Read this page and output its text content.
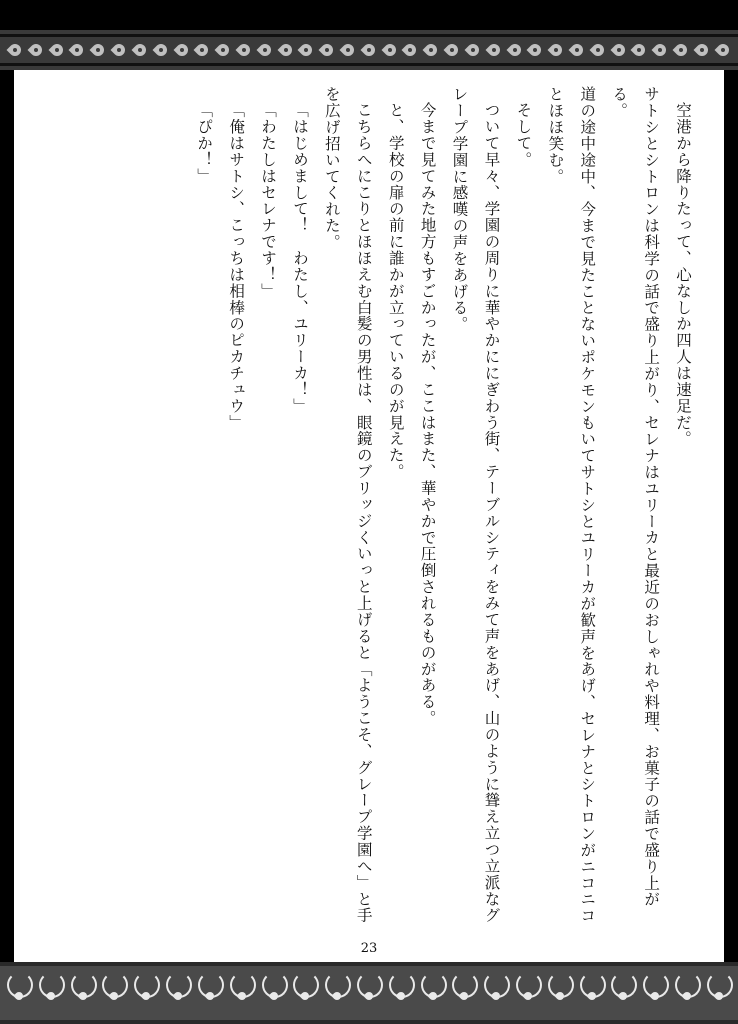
空港から降りたって、心なしか四人は速足だ。

サトシとシトロンは科学の話で盛り上がり、セレナはユリーカと最近のおしゃれや料理、お菓子の話で盛り上がる。

道の途中途中、今まで見たことないポケモンもいてサトシとユリーカが歓声をあげ、セレナとシトロンがニコニコとほほ笑む。

そして。

ついて早々、学園の周りに華やかににぎわう街、テーブルシティをみて声をあげ、山のように聳え立つ立派なグレープ学園に感嘆の声をあげる。

今まで見てみた地方もすごかったが、ここはまた、華やかで圧倒されるものがある。

と、学校の扉の前に誰かが立っているのが見えた。

こちらへにこりとほほえむ白髪の男性は、眼鏡のブリッジくいっと上げると「ようこそ、グレープ学園へ」と手を広げ招いてくれた。

「はじめまして！　わたし、ユリーカ！」

「わたしはセレナです！」

「俺はサトシ、こっちは相棒のピカチュウ」

「ぴか！」

23
